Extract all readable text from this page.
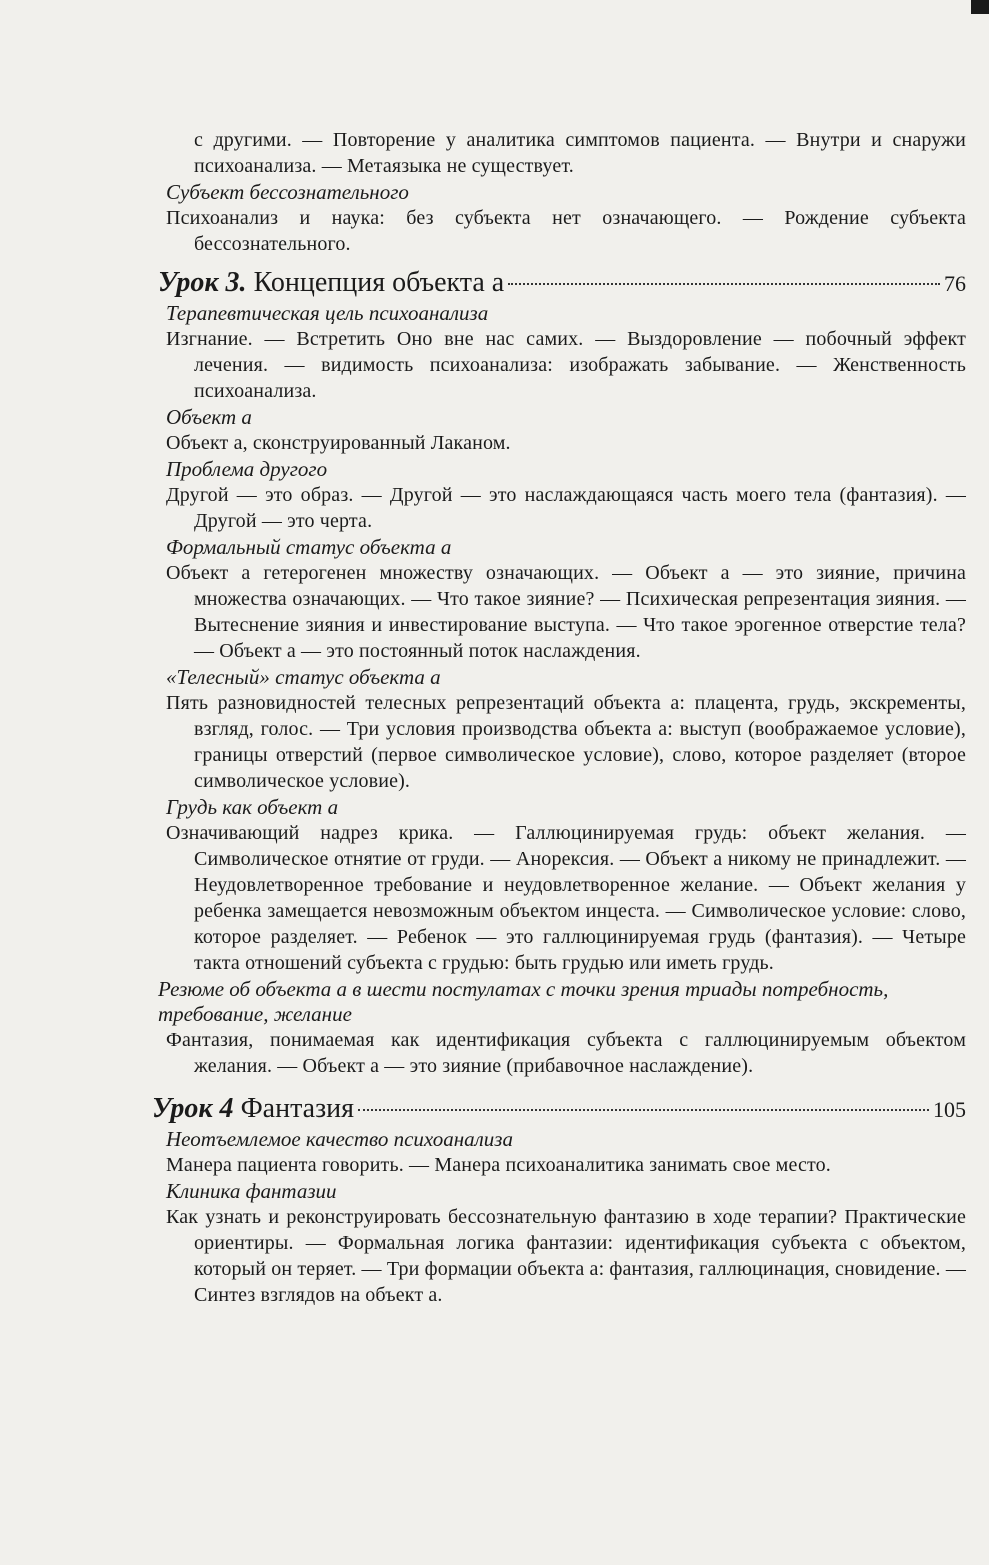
с другими. — Повторение у аналитика симптомов пациента. — Внутри и снаружи психоанализа. — Метаязыка не существует.

Субъект бессознательного

Психоанализ и наука: без субъекта нет означающего. — Рождение субъекта бессознательного.

Урок 3. Концепция объекта a	76

Терапевтическая цель психоанализа

Изгнание. — Встретить Оно вне нас самих. — Выздоровление — побочный эффект лечения. — видимость психоанализа: изображать забывание. — Женственность психоанализа.

Объект a

Объект a, сконструированный Лаканом.

Проблема другого

Другой — это образ. — Другой — это наслаждающаяся часть моего тела (фантазия). — Другой — это черта.

Формальный статус объекта a

Объект a гетерогенен множеству означающих. — Объект a — это зияние, причина множества означающих. — Что такое зияние? — Психическая репрезентация зияния. — Вытеснение зияния и инвестирование выступа. — Что такое эрогенное отверстие тела? — Объект a — это постоянный поток наслаждения.

«Телесный» статус объекта a

Пять разновидностей телесных репрезентаций объекта a: плацента, грудь, экскременты, взгляд, голос. — Три условия производства объекта a: выступ (воображаемое условие), границы отверстий (первое символическое условие), слово, которое разделяет (второе символическое условие).

Грудь как объект a

Означивающий надрез крика. — Галлюцинируемая грудь: объект желания. — Символическое отнятие от груди. — Анорексия. — Объект a никому не принадлежит. — Неудовлетворенное требование и неудовлетворенное желание. — Объект желания у ребенка замещается невозможным объектом инцеста. — Символическое условие: слово, которое разделяет. — Ребенок — это галлюцинируемая грудь (фантазия). — Четыре такта отношений субъекта с грудью: быть грудью или иметь грудь.

Резюме об объекта a в шести постулатах с точки зрения триады потребность, требование, желание

Фантазия, понимаемая как идентификация субъекта с галлюцинируемым объектом желания. — Объект a — это зияние (прибавочное наслаждение).

Урок 4 Фантазия	105

Неотъемлемое качество психоанализа

Манера пациента говорить. — Манера психоаналитика занимать свое место.

Клиника фантазии

Как узнать и реконструировать бессознательную фантазию в ходе терапии? Практические ориентиры. — Формальная логика фантазии: идентификация субъекта с объектом, который он теряет. — Три формации объекта a: фантазия, галлюцинация, сновидение. — Синтез взглядов на объект a.
